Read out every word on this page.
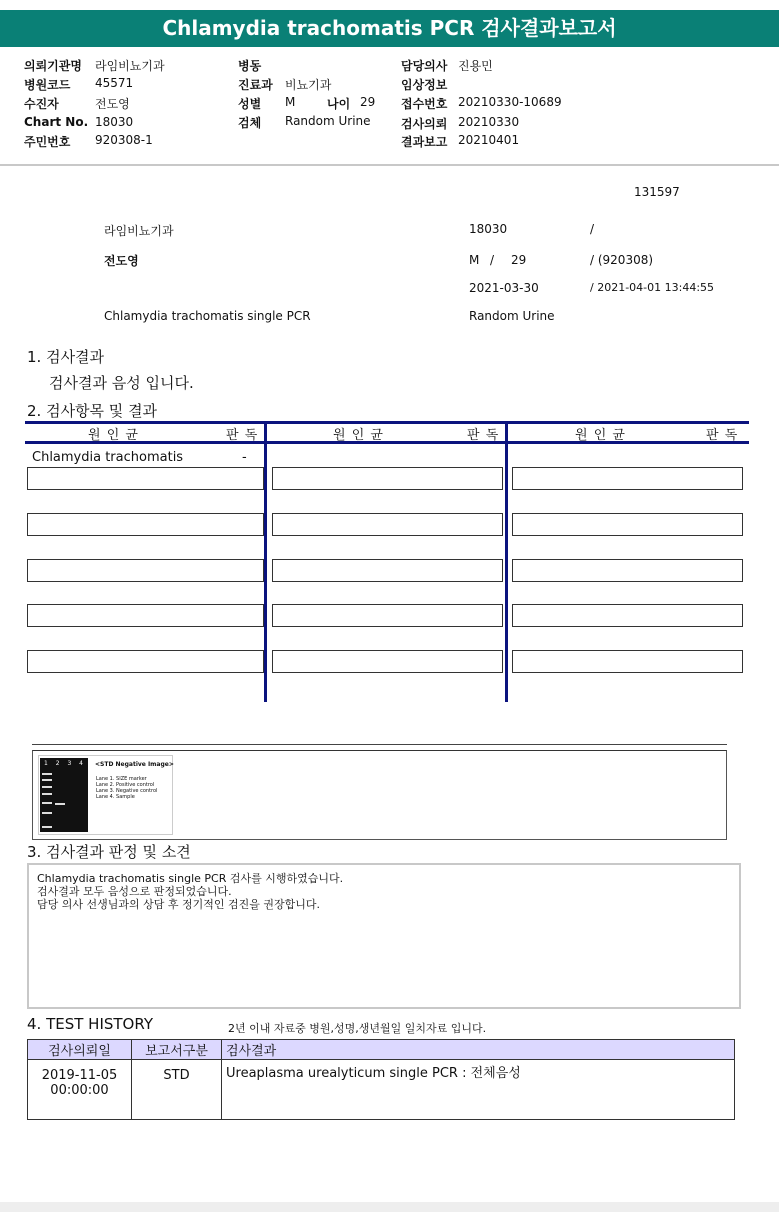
Chlamydia trachomatis PCR 검사결과보고서
의뢰기관명 라임비뇨기과
병원코드 45571
수진자	전도영
Chart No. 18030
주민번호 920308-1
병동
진료과 비뇨기과
성별 M	나이 29
검체 Random Urine
담당의사 진용민
임상정보
접수번호 20210330-10689
검사의뢰 20210330
결과보고 20210401
131597
라임비뇨기과	18030	/
전도영	M / 29	/ (920308)
2021-03-30	/ 2021-04-01 13:44:55
Chlamydia trachomatis single PCR	Random Urine
1. 검사결과
검사결과 음성 입니다.
2. 검사항목 및 결과
원 인 균	판 독	원 인 균	판 독	원 인 균	판 독
Chlamydia trachomatis	-
1 2 3 4 <STD Negative Image>
Lane 1. SIZE marker
Lane 2. Positive control
Lane 3. Negative control
Lane 4. Sample
3. 검사결과 판정 및 소견
Chlamydia trachomatis single PCR 검사를 시행하였습니다.
검사결과 모두 음성으로 판정되었습니다.
담당 의사 선생님과의 상담 후 정기적인 검진을 권장합니다.
4. TEST HISTORY	2년 이내 자료중 병원,성명,생년월일 일치자료 입니다.
검사의뢰일	보고서구분	검사결과

2019-11-05
00:00:00	STD	Ureaplasma urealyticum single PCR : 전체음성
